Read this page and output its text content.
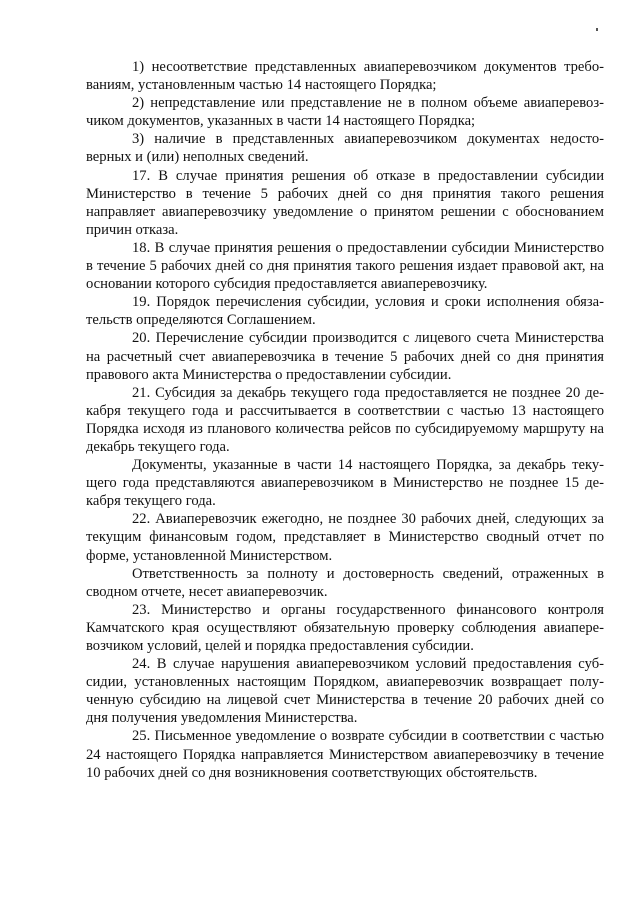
1) несоответствие представленных авиаперевозчиком документов требованиям, установленным частью 14 настоящего Порядка;

2) непредставление или представление не в полном объеме авиаперевозчиком документов, указанных в части 14 настоящего Порядка;

3) наличие в представленных авиаперевозчиком документах недостоверных и (или) неполных сведений.

17. В случае принятия решения об отказе в предоставлении субсидии Министерство в течение 5 рабочих дней со дня принятия такого решения направляет авиаперевозчику уведомление о принятом решении с обоснованием причин отказа.

18. В случае принятия решения о предоставлении субсидии Министерство в течение 5 рабочих дней со дня принятия такого решения издает правовой акт, на основании которого субсидия предоставляется авиаперевозчику.

19. Порядок перечисления субсидии, условия и сроки исполнения обязательств определяются Соглашением.

20. Перечисление субсидии производится с лицевого счета Министерства на расчетный счет авиаперевозчика в течение 5 рабочих дней со дня принятия правового акта Министерства о предоставлении субсидии.

21. Субсидия за декабрь текущего года предоставляется не позднее 20 декабря текущего года и рассчитывается в соответствии с частью 13 настоящего Порядка исходя из планового количества рейсов по субсидируемому маршруту на декабрь текущего года.

Документы, указанные в части 14 настоящего Порядка, за декабрь текущего года представляются авиаперевозчиком в Министерство не позднее 15 декабря текущего года.

22. Авиаперевозчик ежегодно, не позднее 30 рабочих дней, следующих за текущим финансовым годом, представляет в Министерство сводный отчет по форме, установленной Министерством.

Ответственность за полноту и достоверность сведений, отраженных в сводном отчете, несет авиаперевозчик.

23. Министерство и органы государственного финансового контроля Камчатского края осуществляют обязательную проверку соблюдения авиаперевозчиком условий, целей и порядка предоставления субсидии.

24. В случае нарушения авиаперевозчиком условий предоставления субсидии, установленных настоящим Порядком, авиаперевозчик возвращает полученную субсидию на лицевой счет Министерства в течение 20 рабочих дней со дня получения уведомления Министерства.

25. Письменное уведомление о возврате субсидии в соответствии с частью 24 настоящего Порядка направляется Министерством авиаперевозчику в течение 10 рабочих дней со дня возникновения соответствующих обстоятельств.
